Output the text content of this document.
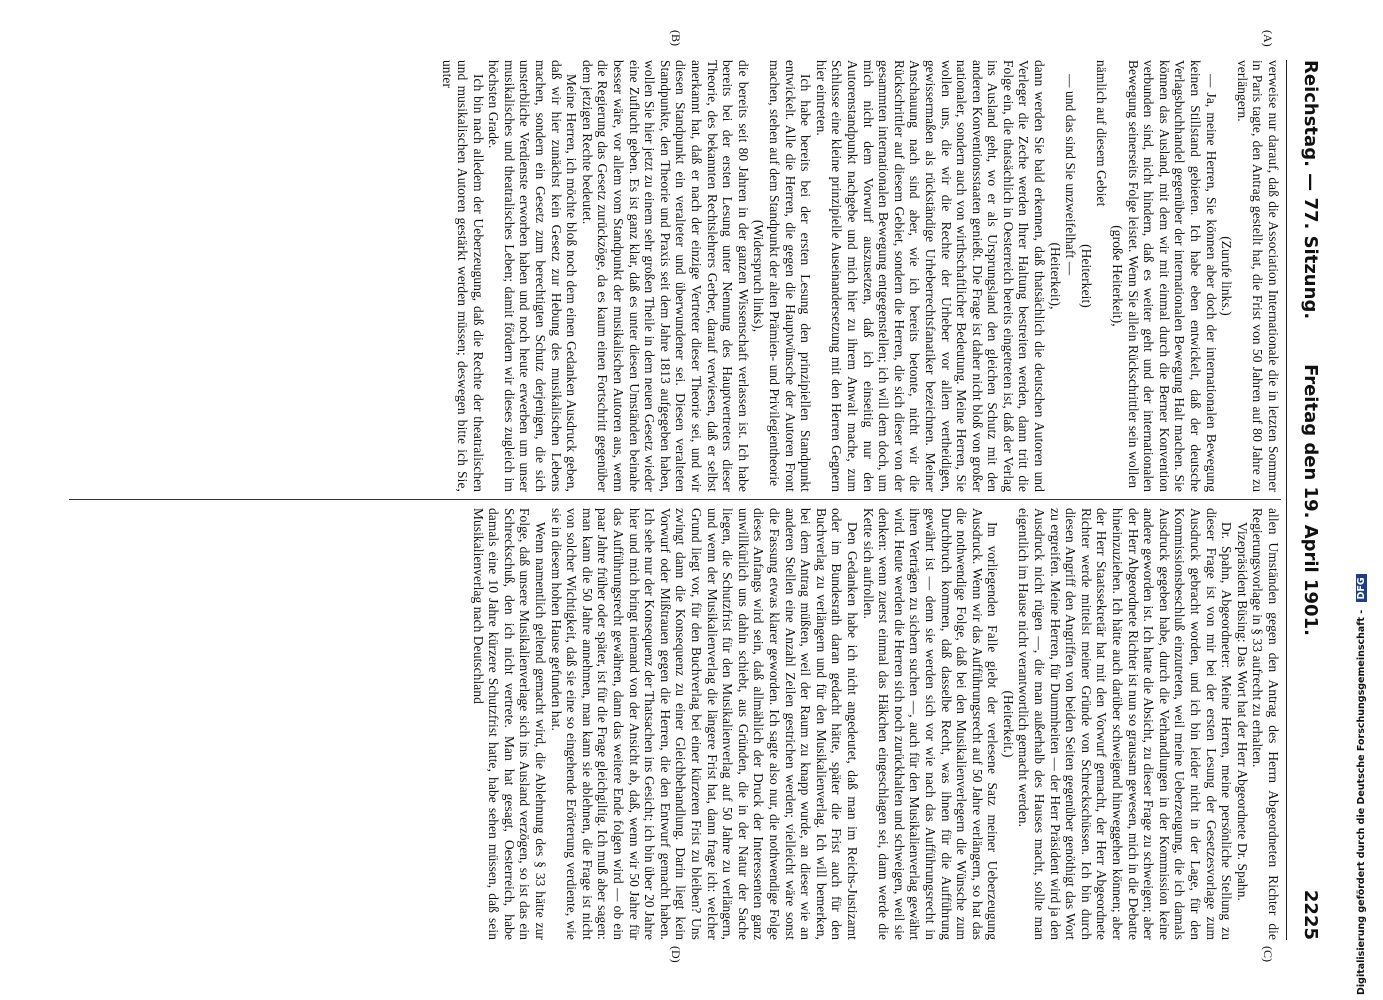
Reichstag. — 77. Sitzung.
Freitag den 19. April 1901.
2225
(A)
(B)
(C)
(D)

verweise nur darauf, daß die Association Internationale die in letzten Sommer in Paris tagte, den Antrag gestellt hat, die Frist von 50 Jahren auf 80 Jahre zu verlängern.

(Zurufe links.)

— Ja, meine Herren, Sie können aber doch der internationalen Bewegung keinen Stillstand gebieten. Ich habe eben entwickelt, daß der deutsche Verlagsbuchhandel gegenüber der internationalen Bewegung Halt machen. Sie können das Ausland, mit dem wir mit einmal durch die Berner Konvention verbunden sind, nicht hindern, daß es weiter geht und der internationalen Bewegung seinerseits Folge leistet. Wenn Sie allein Rückschrittler sein wollen

(große Heiterkeit),

nämlich auf diesem Gebiet

(Heiterkeit)

— und das sind Sie unzweifelhaft —

(Heiterkeit),

dann werden Sie bald erkennen, daß thatsächlich die deutschen Autoren und Verleger die Zeche werden Ihrer Haltung bestreiten werden, dann tritt die Folge ein, die thatsächlich in Oesterreich bereits eingetreten ist, daß der Verlag ins Ausland geht, wo er als Ursprungsland den gleichen Schutz mit den anderen Konventionsstaaten genießt. Die Frage ist daher nicht bloß von großer nationaler, sondern auch von wirthschaftlicher Bedeutung. Meine Herren, Sie wollen uns, die wir die Rechte der Urheber vor allem vertheidigen, gewissermaßen als rückständige Urheberrechtsfanatiker bezeichnen. Meiner Anschauung nach sind aber, wie ich bereits betonte, nicht wir die Rückschrittler auf diesem Gebiet, sondern die Herren, die sich dieser von der gesammten internationalen Bewegung entgegenstellen; ich will dem doch, um mich nicht dem Vorwurf auszusetzen, daß ich einseitig nur den Autorenstandpunkt nachgebe und mich hier zu ihrem Anwalt mache, zum Schlusse eine kleine prinzipielle Auseinandersetzung mit den Herren Gegnern hier eintreten.

Ich habe bereits bei der ersten Lesung den prinzipiellen Standpunkt entwickelt. Alle die Herren, die gegen die Hauptwünsche der Autoren Front machen, stehen auf dem Standpunkt der alten Prämien- und Privilegientheorie

(Widerspruch links),

die bereits seit 80 Jahren in der ganzen Wissenschaft verlassen ist. Ich habe bereits bei der ersten Lesung unter Nennung des Hauptvertreters dieser Theorie, des bekannten Rechtslehrers Gerber, darauf verwiesen, daß er selbst anerkannt hat, daß er nach der einzige Vertreter dieser Theorie sei, und wir diesen Standpunkt ein veralteter und überwundener sei. Diesen veralteten Standpunkte, den Theorie und Praxis seit dem Jahre 1813 aufgegeben haben, wollen Sie hier jetzt zu einem sehr großen Theile in dem neuen Gesetz wieder eine Zuflucht geben. Es ist ganz klar, daß es unter diesen Umständen beinahe besser wäre, vor allem vom Standpunkt der musikalischen Autoren aus, wenn die Regierung das Gesetz zurückzöge, da es kaum einen Fortschritt gegenüber dem jetzigen Rechte bedeutet.

Meine Herren, ich möchte bloß noch dem einen Gedanken Ausdruck geben, daß wir hier zunächst kein Gesetz zur Hebung des musikalischen Lebens machen, sondern ein Gesetz zum berechtigten Schutz derjenigen, die sich unsterbliche Verdienste erworben haben und noch heute erwerben um unser musikalisches und theatralisches Leben; damit fördern wir dieses zugleich im höchsten Grade.

Ich bin nach alledem der Ueberzeugung, daß die Rechte der theatralischen und musikalischen Autoren gestärkt werden müssen; deswegen bitte ich Sie, unter

allen Umständen gegen den Antrag des Herrn Abgeordneten Richter die Regierungsvorlage in § 33 aufrecht zu erhalten.

Vizepräsident Büsing: Das Wort hat der Herr Abgeordnete Dr. Spahn.

Dr. Spahn, Abgeordneter: Meine Herren, meine persönliche Stellung zu dieser Frage ist von mir bei der ersten Lesung der Gesetzesvorlage zum Ausdruck gebracht worden, und ich bin leider nicht in der Lage, für den Kommissionsbeschluß einzutreten, weil meine Ueberzeugung, die ich damals Ausdruck gegeben habe, durch die Verhandlungen in der Kommission keine andere geworden ist. Ich hatte die Absicht, zu dieser Frage zu schweigen; aber der Herr Abgeordnete Richter ist nun so grausam gewesen, mich in die Debatte hineinzuziehen. Ich hätte auch darüber schweigend hinweggehen können; aber der Herr Staatssekretär hat mit den Vorwurf gemacht, der Herr Abgeordnete Richter werde mittelst meiner Gründe von Schreckschüssen. Ich bin durch diesen Angriff den Angriffen von beiden Seiten gegenüber genöthigt das Wort zu ergreifen. Meine Herren, für Dummheiten — der Herr Präsident wird ja den Ausdruck nicht rügen —, die man außerhalb des Hauses macht, sollte man eigentlich im Hause nicht verantwortlich gemacht werden.

(Heiterkeit.)

Im vorliegenden Falle giebt der verlesene Satz meiner Ueberzeugung Ausdruck. Wenn wir das Aufführungsrecht auf 50 Jahre verlängern, so hat das die nothwendige Folge, daß bei den Musikalienverlegern die Wünsche zum Durchbruch kommen, daß dasselbe Recht, was ihnen für die Aufführung gewährt ist — denn sie werden sich vor wie nach das Aufführungsrecht in ihren Verträgen zu sichern suchen —, auch für den Musikalienverlag gewährt wird. Heute werden die Herren sich noch zurückhalten und schweigen, weil sie denken: wenn zuerst einmal das Häkchen eingeschlagen sei, dann werde die Kette sich aufrollen.

Den Gedanken habe ich nicht angedeutet, daß man im Reichs-Justizamt oder im Bundesrath daran gedacht hätte, später die Frist auch für den Buchverlag zu verlängern und für den Musikalienverlag. Ich will bemerken, bei dem Antrag müßten, weil der Raum zu knapp wurde, an dieser wie an anderen Stellen eine Anzahl Zeilen gestrichen werden; vielleicht wäre sonst die Fassung etwas klarer geworden. Ich sagte also nur, die nothwendige Folge dieses Anfangs wird sein, daß allmählich der Druck der Interessenten ganz unwillkürlich uns dahin schiebt, aus Gründen, die in der Natur der Sache liegen, die Schutzfrist für den Musikalienverlag auf 50 Jahre zu verlängern, und wenn der Musikalienverlag die längere Frist hat, dann frage ich: welcher Grund liegt vor, für den Buchverlag bei einer kürzeren Frist zu bleiben? Uns zwingt dann die Konsequenz zu einer Gleichbehandlung. Darin liegt kein Vorwurf oder Mißtrauen gegen die Herren, die den Entwurf gemacht haben. Ich sehe nur der Konsequenz der Thatsachen ins Gesicht; ich bin über 20 Jahre hier und mich bringt niemand von der Ansicht ab, daß, wenn wir 50 Jahre für das Aufführungsrecht gewähren, dann das weitere Ende folgen wird — ob ein paar Jahre früher oder später, ist für die Frage gleichgiltig. Ich muß aber sagen: man kann die 50 Jahre annehmen, man kann sie ablehnen, die Frage ist nicht von solcher Wichtigkeit, daß sie eine so eingehende Erörterung verdiente, wie sie in diesem hohen Hause gefunden hat.

Wenn namentlich geltend gemacht wird, die Ablehnung des § 33 hätte zur Folge, daß unsere Musikalienverlage sich ins Ausland verzögen, so ist das ein Schreckschuß, den ich nicht vertrete. Man hat gesagt, Oesterreich, habe damals eine 10 Jahre kürzere Schutzfrist hatte, habe sehen müssen, daß sein Musikalienverlag nach Deutschland

Digitalisierung gefördert durch die Deutsche Forschungsgemeinschaft - DFG
